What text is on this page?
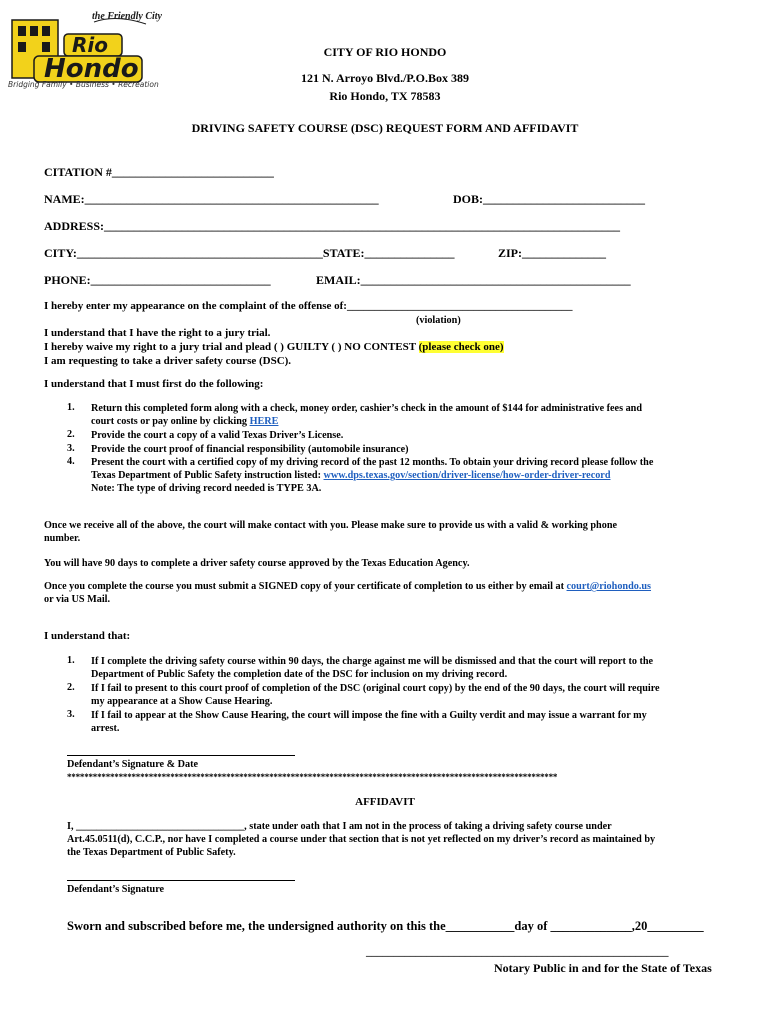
the Friendly City
Rio
Hondo
Bridging Family • Business • Recreation
CITY OF RIO HONDO
121 N. Arroyo Blvd./P.O.Box 389
Rio Hondo, TX 78583
DRIVING SAFETY COURSE (DSC) REQUEST FORM AND AFFIDAVIT
CITATION #___________________________
NAME:_________________________________________________	DOB:___________________________
ADDRESS:______________________________________________________________________________________
CITY:_________________________________________STATE:_______________	ZIP:______________
PHONE:______________________________	EMAIL:_____________________________________________
I hereby enter my appearance on the complaint of the offense of:_________________________________________
(violation)
I understand that I have the right to a jury trial.
I hereby waive my right to a jury trial and plead ( ) GUILTY ( ) NO CONTEST (please check one)
I am requesting to take a driver safety course (DSC).
I understand that I must first do the following:
1. Return this completed form along with a check, money order, cashier’s check in the amount of $144 for administrative fees and
court costs or pay online by clicking HERE
2. Provide the court a copy of a valid Texas Driver’s License.
3. Provide the court proof of financial responsibility (automobile insurance)
4. Present the court with a certified copy of my driving record of the past 12 months. To obtain your driving record please follow the
Texas Department of Public Safety instruction listed: www.dps.texas.gov/section/driver-license/how-order-driver-record
Note: The type of driving record needed is TYPE 3A.
Once we receive all of the above, the court will make contact with you. Please make sure to provide us with a valid & working phone
number.
You will have 90 days to complete a driver safety course approved by the Texas Education Agency.
Once you complete the course you must submit a SIGNED copy of your certificate of completion to us either by email at court@riohondo.us
or via US Mail.
I understand that:
1. If I complete the driving safety course within 90 days, the charge against me will be dismissed and that the court will report to the
Department of Public Safety the completion date of the DSC for inclusion on my driving record.
2. If I fail to present to this court proof of completion of the DSC (original court copy) by the end of the 90 days, the court will require
my appearance at a Show Cause Hearing.
3. If I fail to appear at the Show Cause Hearing, the court will impose the fine with a Guilty verdit and may issue a warrant for my
arrest.
Defendant’s Signature & Date
******************************************************************************************************************
AFFIDAVIT
I, _________________________________, state under oath that I am not in the process of taking a driving safety course under
Art.45.0511(d), C.C.P., nor have I completed a course under that section that is not yet reflected on my driver’s record as maintained by
the Texas Department of Public Safety.
Defendant’s Signature
Sworn and subscribed before me, the undersigned authority on this the___________day of _____________,20_________
_______________________________________________________
Notary Public in and for the State of Texas
